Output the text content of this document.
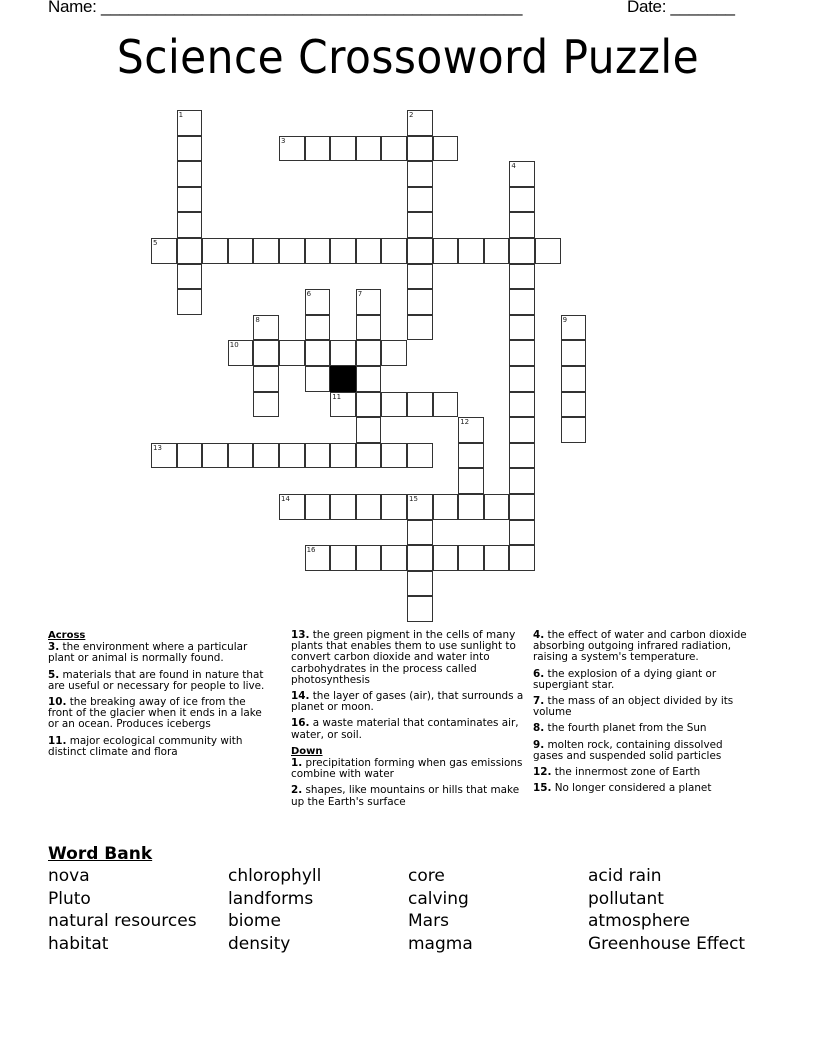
Name: ______________________________________________	Date: _______
Science Crossoword Puzzle
1	2
3
4
5
6	7
8	9
10
11
12
13
14	15
16
Across
3. the environment where a particular plant or animal is normally found.
5. materials that are found in nature that are useful or necessary for people to live.
10. the breaking away of ice from the front of the glacier when it ends in a lake or an ocean. Produces icebergs
11. major ecological community with distinct climate and flora
13. the green pigment in the cells of many plants that enables them to use sunlight to convert carbon dioxide and water into carbohydrates in the process called photosynthesis
14. the layer of gases (air), that surrounds a planet or moon.
16. a waste material that contaminates air, water, or soil.
Down
1. precipitation forming when gas emissions combine with water
2. shapes, like mountains or hills that make up the Earth's surface
4. the effect of water and carbon dioxide absorbing outgoing infrared radiation, raising a system's temperature.
6. the explosion of a dying giant or supergiant star.
7. the mass of an object divided by its volume
8. the fourth planet from the Sun
9. molten rock, containing dissolved gases and suspended solid particles
12. the innermost zone of Earth
15. No longer considered a planet
Word Bank
nova	chlorophyll	core	acid rain
Pluto	landforms	calving	pollutant
natural resources	biome	Mars	atmosphere
habitat	density	magma	Greenhouse Effect
